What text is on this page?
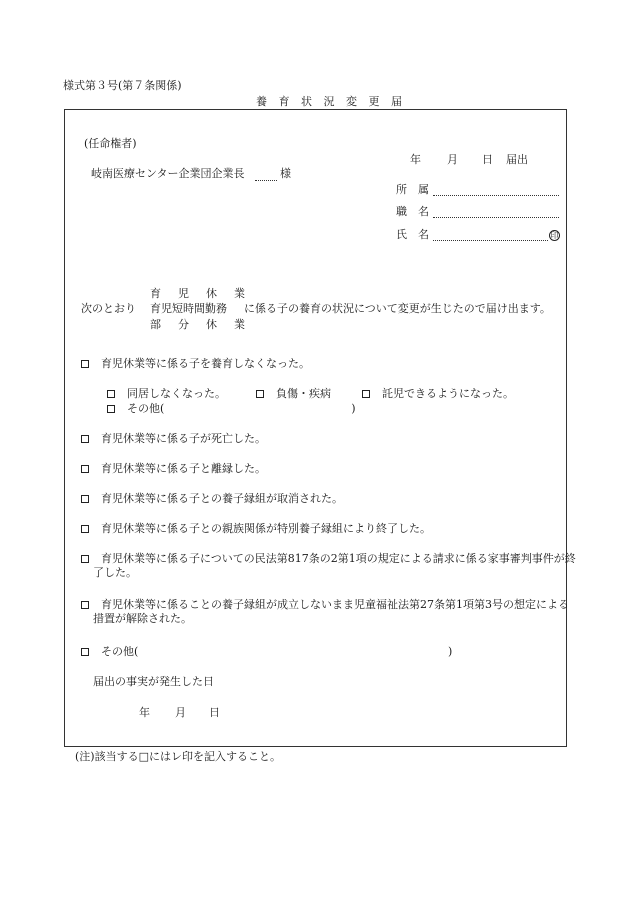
様式第３号(第７条関係)
養 育 状 況 変 更 届
(任命権者)
岐南医療センター企業団企業長	様
年 月 日 届出
所　属
職　名
氏　名	印
育　児　休　業
育児短時間勤務
部　分　休　業
次のとおり	に係る子の養育の状況について変更が生じたので届け出ます。
育児休業等に係る子を養育しなくなった。
同居しなくなった。	負傷・疾病	託児できるようになった。
その他(　　　　　　　　　　　　　　　　　)
育児休業等に係る子が死亡した。
育児休業等に係る子と離縁した。
育児休業等に係る子との養子縁組が取消された。
育児休業等に係る子との親族関係が特別養子縁組により終了した。
育児休業等に係る子についての民法第817条の2第1項の規定による請求に係る家事審判事件が終了した。
育児休業等に係ることの養子縁組が成立しないまま児童福祉法第27条第1項第3号の想定による措置が解除された。
その他(	)
届出の事実が発生した日
年 月 日
(注)該当する□にはレ印を記入すること。
